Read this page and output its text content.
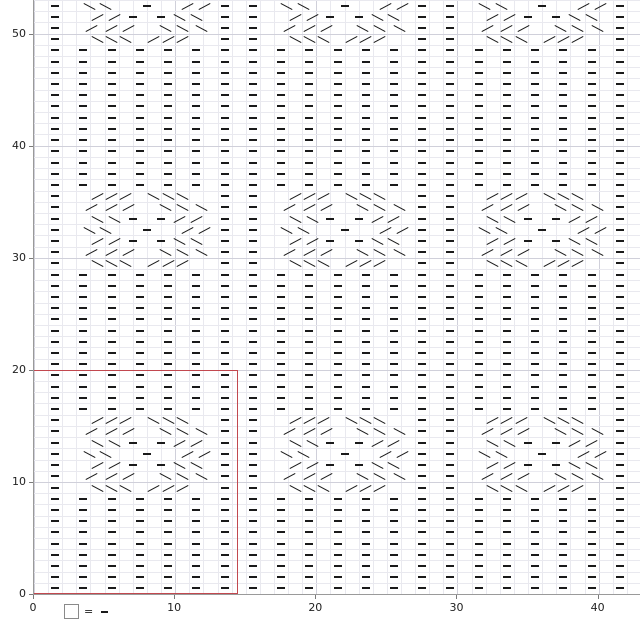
0	10	20	30	40
0
10
20
30
40
50
=
